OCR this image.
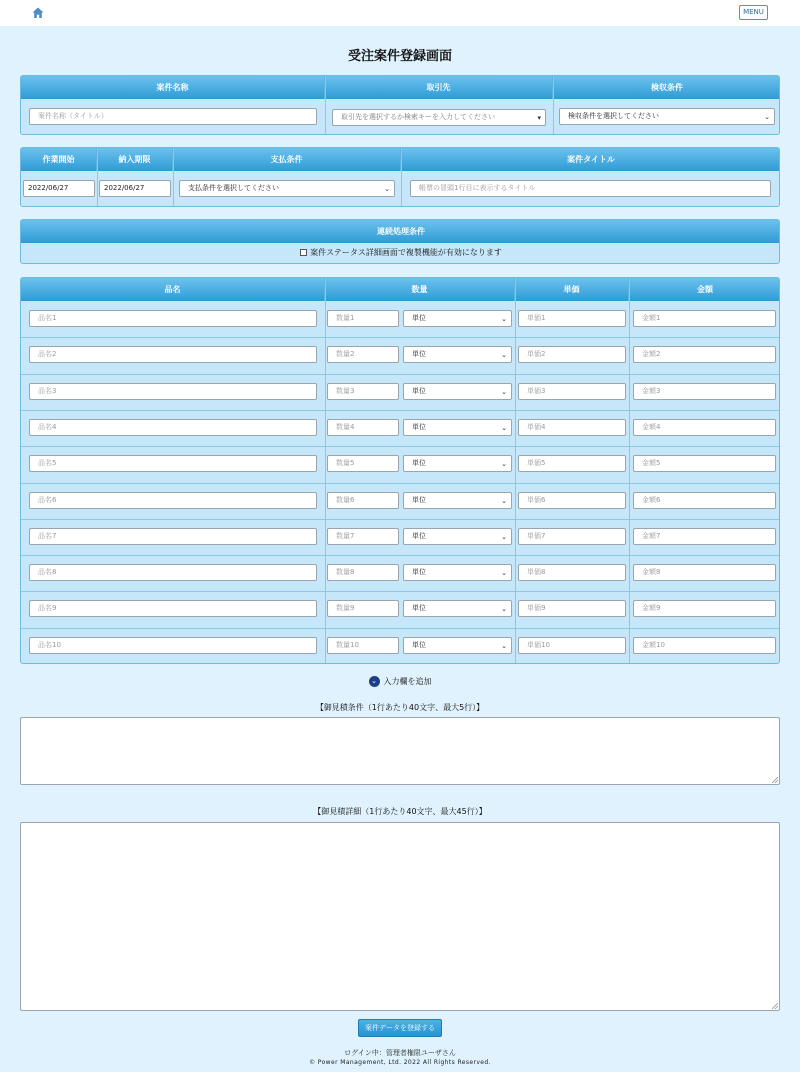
MENU
受注案件登録画面
案件名称	取引先	検収条件
案件名称（タイトル）	取引先を選択するか検索キーを入力してください	▾	検収条件を選択してください	⌄
作業開始	納入期限	支払条件	案件タイトル
2022/06/27	2022/06/27	支払条件を選択してください	⌄	帳票の冒頭1行目に表示するタイトル
連続処理条件
案件ステータス詳細画面で複製機能が有効になります
品名	数量	単価	金額
品名1	数量1	単位	⌄	単価1	金額1
品名2	数量2	単位	⌄	単価2	金額2
品名3	数量3	単位	⌄	単価3	金額3
品名4	数量4	単位	⌄	単価4	金額4
品名5	数量5	単位	⌄	単価5	金額5
品名6	数量6	単位	⌄	単価6	金額6
品名7	数量7	単位	⌄	単価7	金額7
品名8	数量8	単位	⌄	単価8	金額8
品名9	数量9	単位	⌄	単価9	金額9
品名10	数量10	単位	⌄	単価10	金額10
⌄ 入力欄を追加
【御見積条件（1行あたり40文字、最大5行）】
【御見積詳細（1行あたり40文字、最大45行）】
案件データを登録する
ログイン中：管理者権限ユーザさん
© Power Management, Ltd. 2022 All Rights Reserved.
